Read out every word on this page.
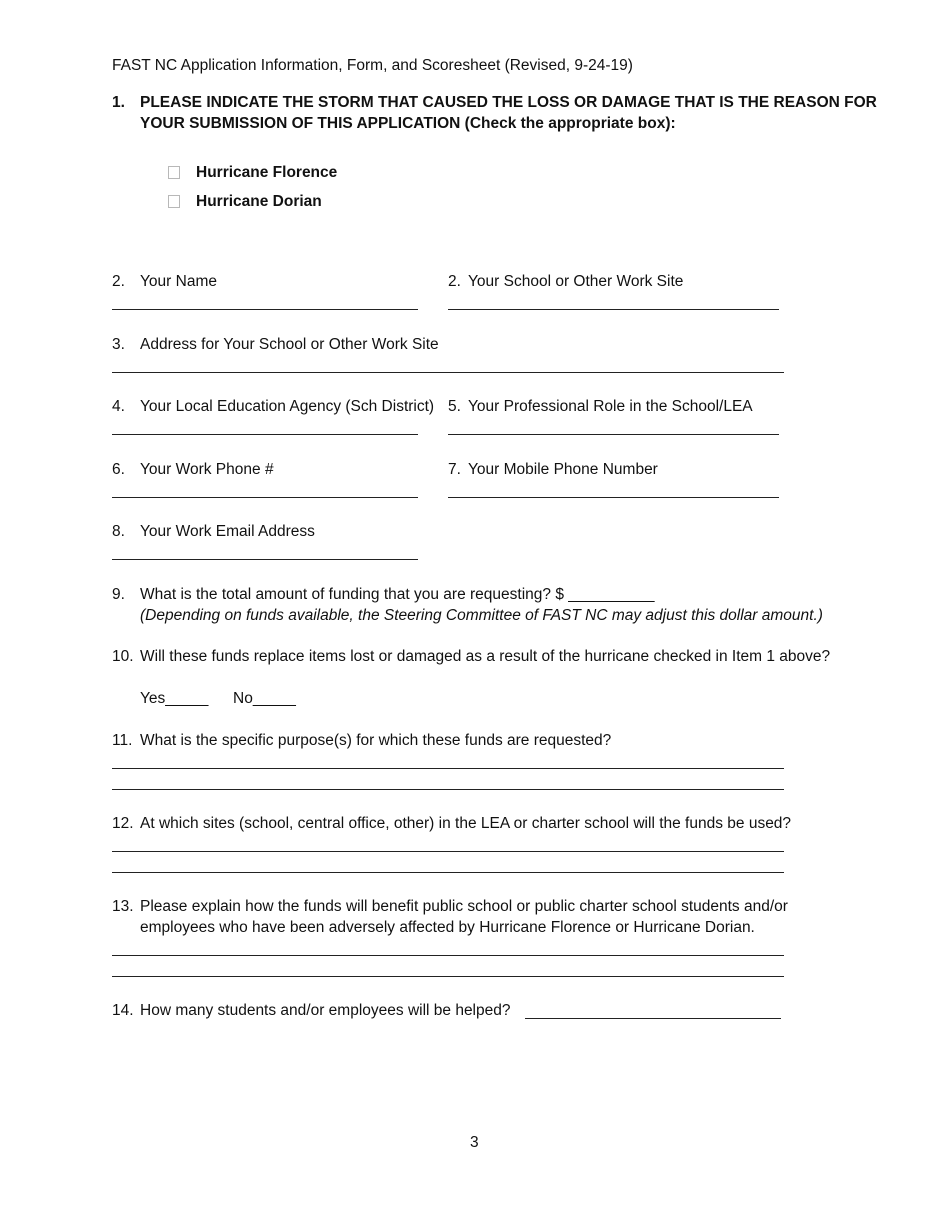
FAST NC Application Information, Form, and Scoresheet (Revised, 9-24-19)
1. PLEASE INDICATE THE STORM THAT CAUSED THE LOSS OR DAMAGE THAT IS THE REASON FOR
YOUR SUBMISSION OF THIS APPLICATION (Check the appropriate box):
Hurricane Florence
Hurricane Dorian
2. Your Name	2. Your School or Other Work Site
3. Address for Your School or Other Work Site
4. Your Local Education Agency (Sch District) 5. Your Professional Role in the School/LEA
6. Your Work Phone #	7. Your Mobile Phone Number
8. Your Work Email Address
9. What is the total amount of funding that you are requesting? $ __________
(Depending on funds available, the Steering Committee of FAST NC may adjust this dollar amount.)
10. Will these funds replace items lost or damaged as a result of the hurricane checked in Item 1 above?
Yes_____ No_____
11. What is the specific purpose(s) for which these funds are requested?
12. At which sites (school, central office, other) in the LEA or charter school will the funds be used?
13. Please explain how the funds will benefit public school or public charter school students and/or
employees who have been adversely affected by Hurricane Florence or Hurricane Dorian.
14. How many students and/or employees will be helped?
3
